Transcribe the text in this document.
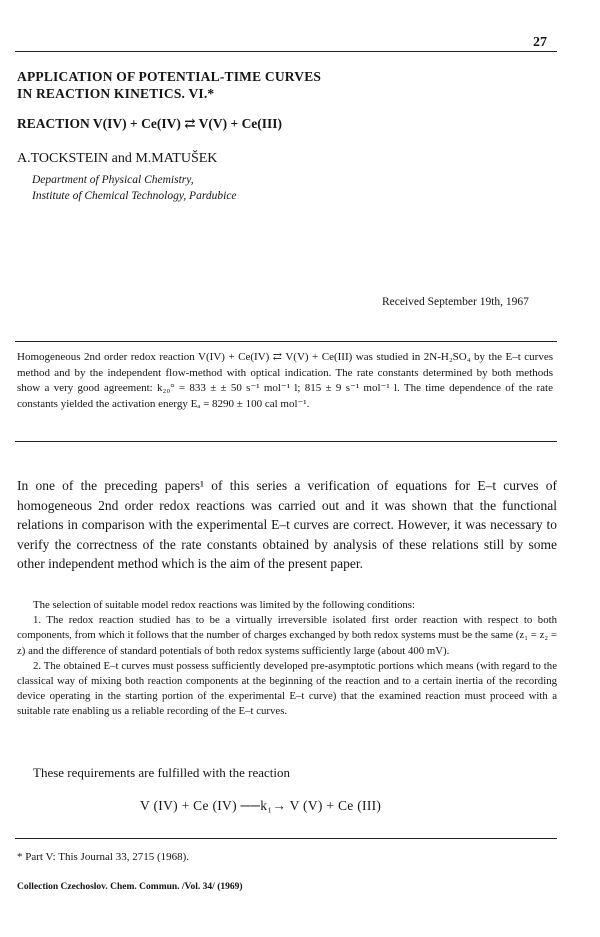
27
APPLICATION OF POTENTIAL-TIME CURVES
IN REACTION KINETICS. VI.*
REACTION V(IV) + Ce(IV) ⇄ V(V) + Ce(III)
A.TOCKSTEIN and M.MATUŠEK
Department of Physical Chemistry,
Institute of Chemical Technology, Pardubice
Received September 19th, 1967

Homogeneous 2nd order redox reaction V(IV) + Ce(IV) ⇄ V(V) + Ce(III) was studied in 2N-H₂SO₄ by the E–t curves method and by the independent flow-method with optical indication. The rate constants determined by both methods show a very good agreement: k₂₀° = 833 ± ± 50 s⁻¹ mol⁻¹ l; 815 ± 9 s⁻¹ mol⁻¹ l. The time dependence of the rate constants yielded the activation energy Eₐ = 8290 ± 100 cal mol⁻¹.

In one of the preceding papers¹ of this series a verification of equations for E–t curves of homogeneous 2nd order redox reactions was carried out and it was shown that the functional relations in comparison with the experimental E–t curves are correct. However, it was necessary to verify the correctness of the rate constants obtained by analysis of these relations still by some other independent method which is the aim of the present paper.

The selection of suitable model redox reactions was limited by the following conditions:

1. The redox reaction studied has to be a virtually irreversible isolated first order reaction with respect to both components, from which it follows that the number of charges exchanged by both redox systems must be the same (z₁ = z₂ = z) and the difference of standard potentials of both redox systems sufficiently large (about 400 mV).

2. The obtained E–t curves must possess sufficiently developed pre-asymptotic portions which means (with regard to the classical way of mixing both reaction components at the beginning of the reaction and to a certain inertia of the recording device operating in the starting portion of the experimental E–t curve) that the examined reaction must proceed with a suitable rate enabling us a reliable recording of the E–t curves.

These requirements are fulfilled with the reaction
V (IV) + Ce (IV) ──k₁→ V (V) + Ce (III)
* Part V: This Journal 33, 2715 (1968).
Collection Czechoslov. Chem. Commun. /Vol. 34/ (1969)
